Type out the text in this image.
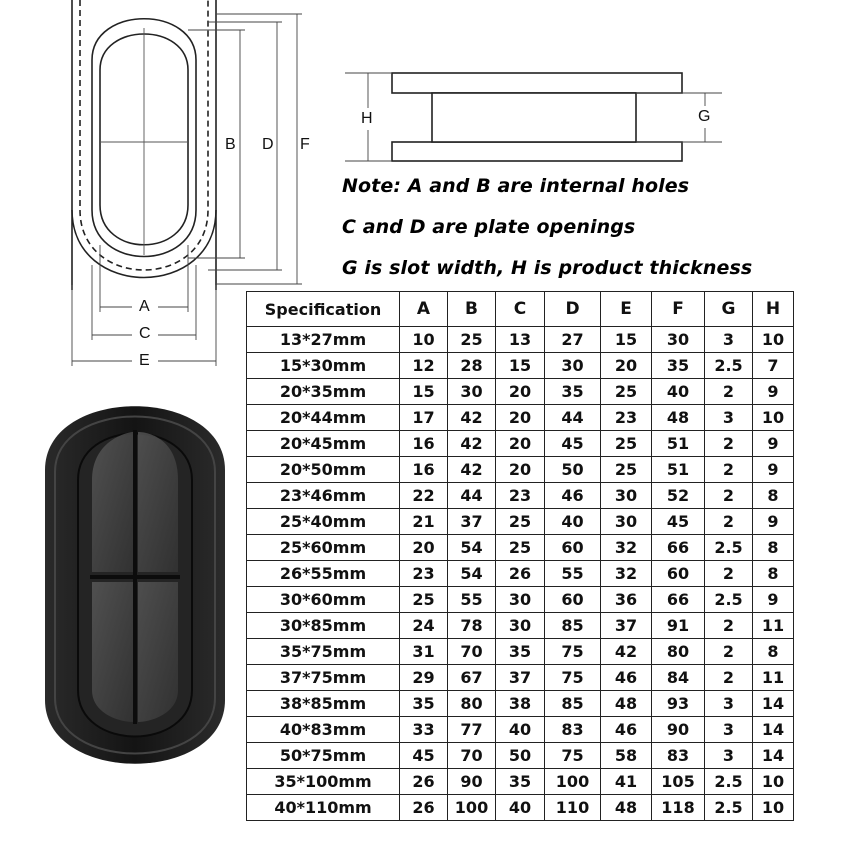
B D F
A
C
E
H	G
Note: A and B are internal holes
C and D are plate openings
G is slot width, H is product thickness
Specification	A	B	C	D	E	F	G	H
13*27mm	10	25	13	27	15	30	3	10
15*30mm	12	28	15	30	20	35	2.5	7
20*35mm	15	30	20	35	25	40	2	9
20*44mm	17	42	20	44	23	48	3	10
20*45mm	16	42	20	45	25	51	2	9
20*50mm	16	42	20	50	25	51	2	9
23*46mm	22	44	23	46	30	52	2	8
25*40mm	21	37	25	40	30	45	2	9
25*60mm	20	54	25	60	32	66	2.5	8
26*55mm	23	54	26	55	32	60	2	8
30*60mm	25	55	30	60	36	66	2.5	9
30*85mm	24	78	30	85	37	91	2	11
35*75mm	31	70	35	75	42	80	2	8
37*75mm	29	67	37	75	46	84	2	11
38*85mm	35	80	38	85	48	93	3	14
40*83mm	33	77	40	83	46	90	3	14
50*75mm	45	70	50	75	58	83	3	14
35*100mm	26	90	35	100	41	105	2.5	10
40*110mm	26	100	40	110	48	118	2.5	10
